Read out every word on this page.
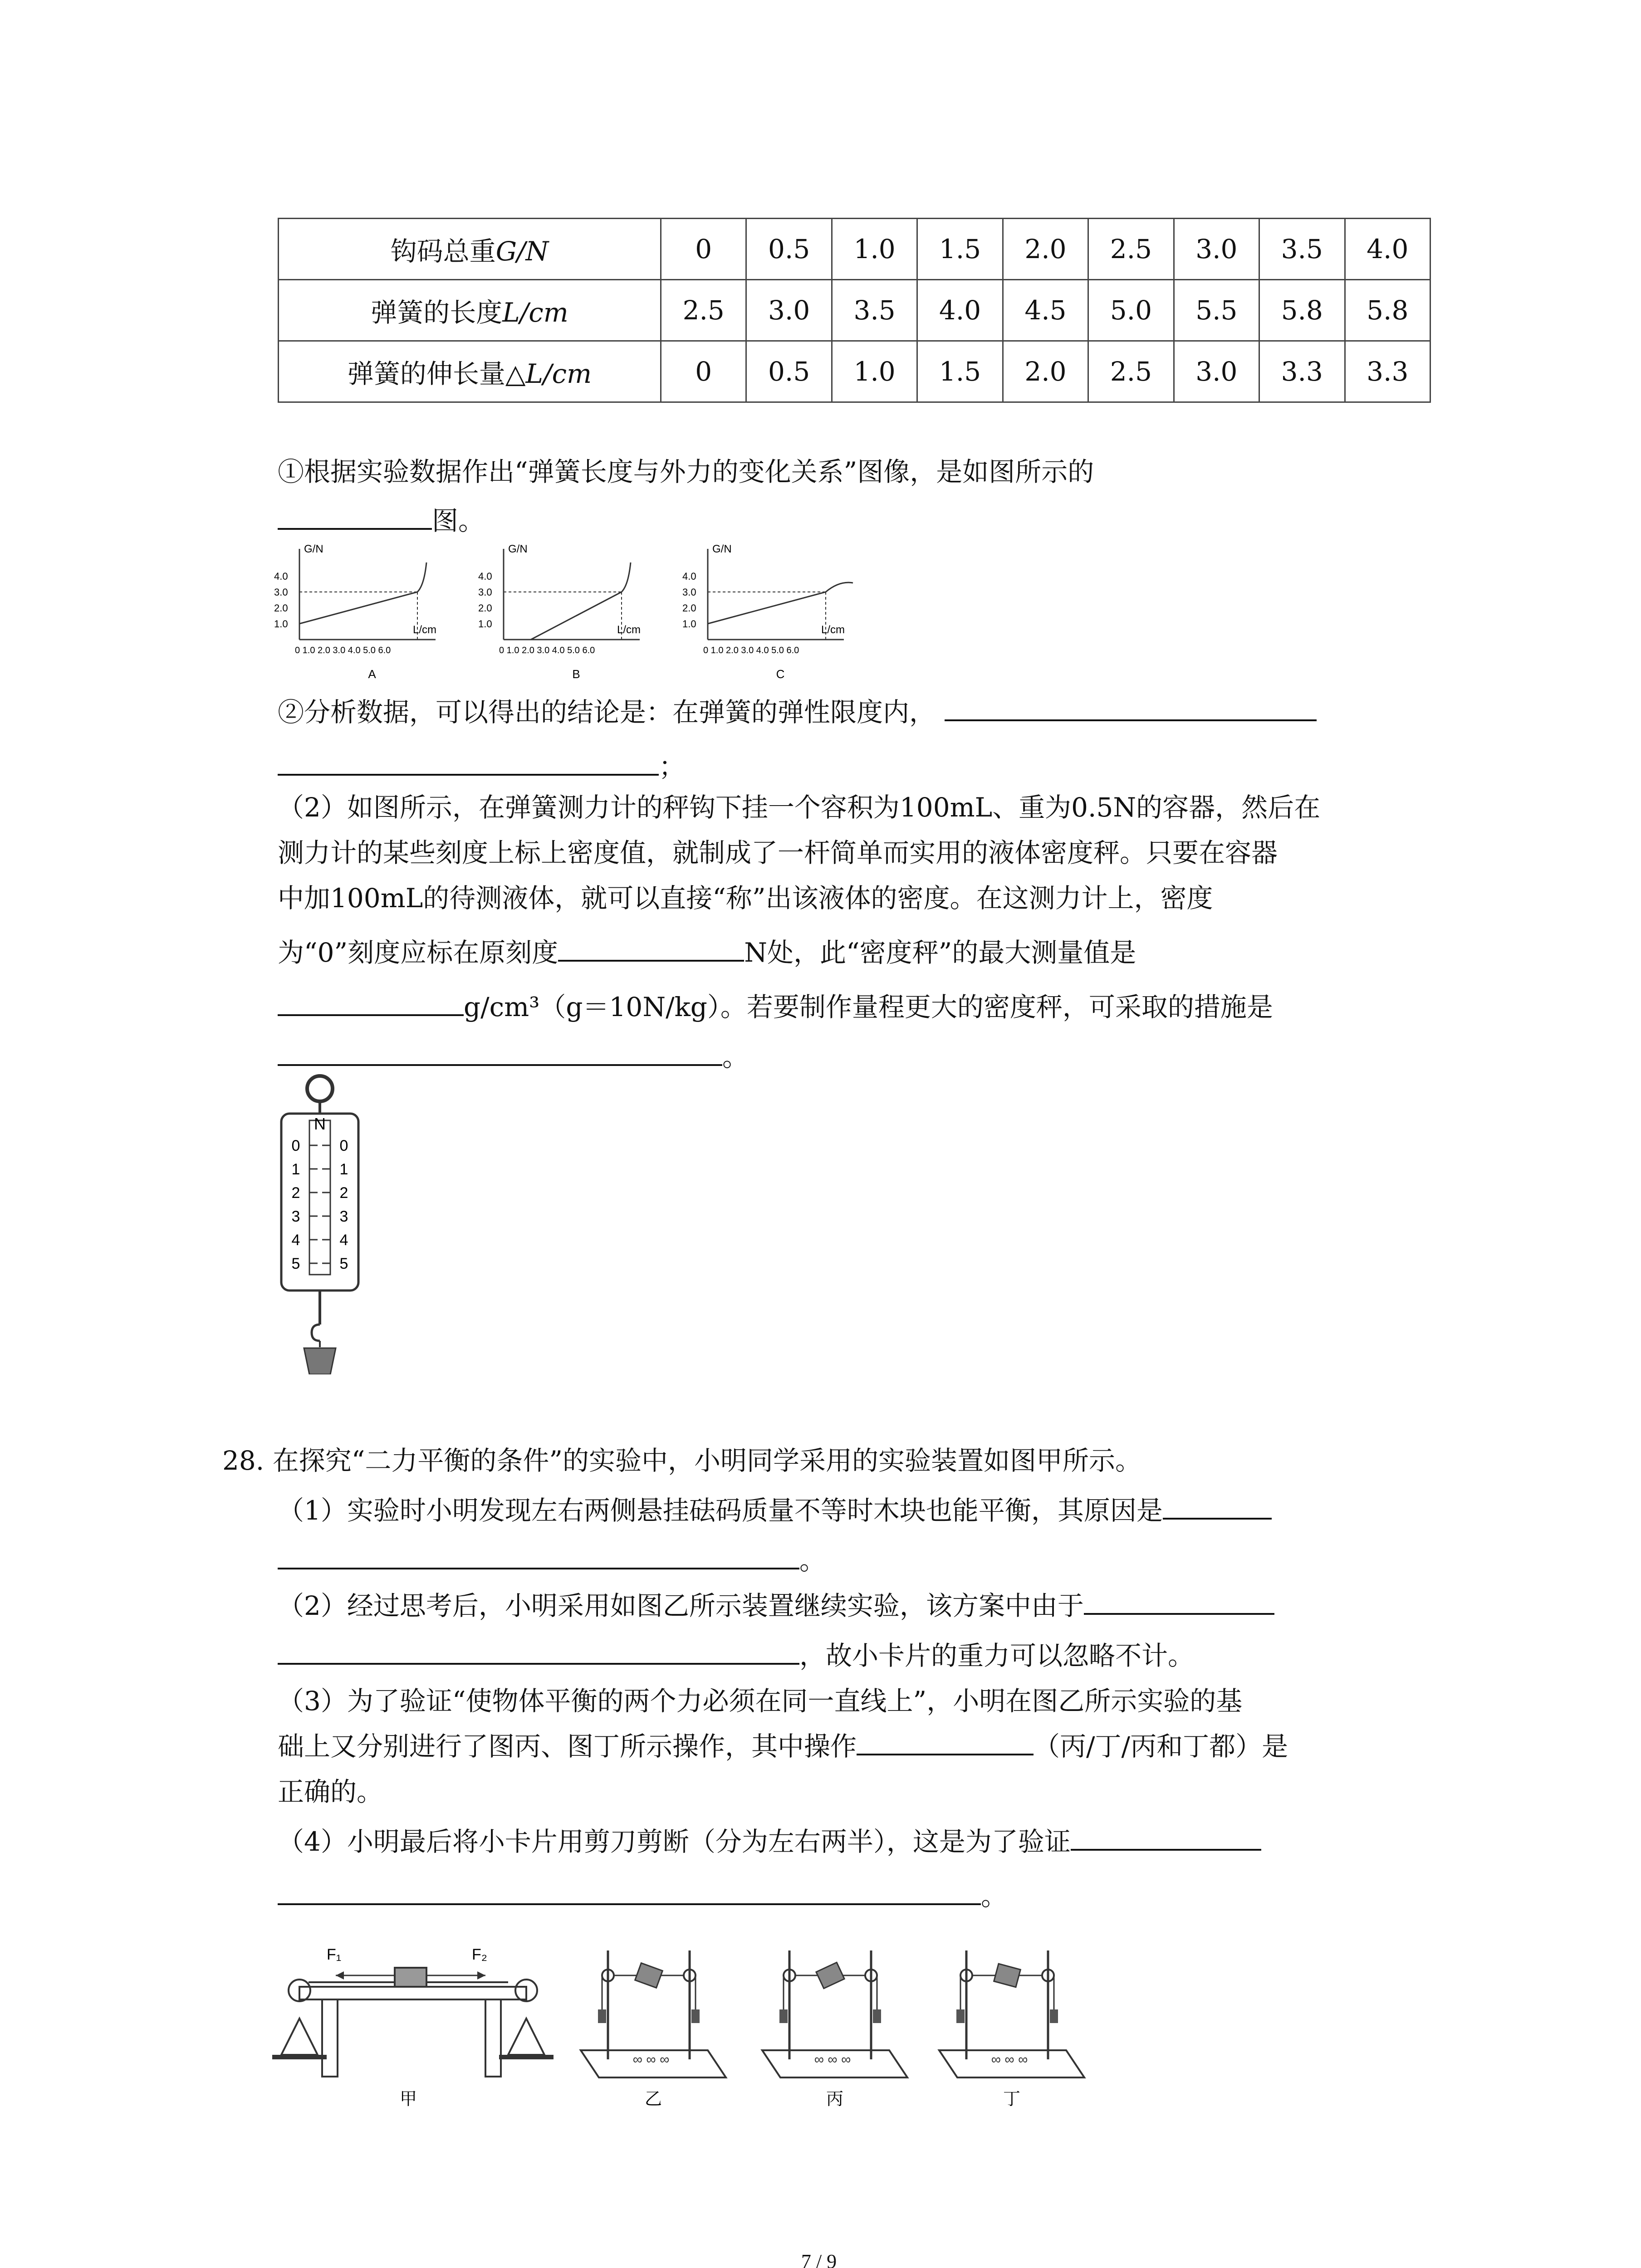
钩码总重G/N	0	0.5	1.0	1.5	2.0	2.5	3.0	3.5	4.0
弹簧的长度L/cm	2.5	3.0	3.5	4.0	4.5	5.0	5.5	5.8	5.8
弹簧的伸长量△L/cm	0	0.5	1.0	1.5	2.0	2.5	3.0	3.3	3.3
①根据实验数据作出“弹簧长度与外力的变化关系”图像，是如图所示的
图。
G/N
L/cm
1.0
2.0
3.0
4.0
0 1.0 2.0 3.0 4.0 5.0 6.0
A
G/N
L/cm
1.0
2.0
3.0
4.0
0 1.0 2.0 3.0 4.0 5.0 6.0
B
G/N
L/cm
1.0
2.0
3.0
4.0
0 1.0 2.0 3.0 4.0 5.0 6.0
C
②分析数据，可以得出的结论是：在弹簧的弹性限度内，
；
（2）如图所示，在弹簧测力计的秤钩下挂一个容积为100mL、重为0.5N的容器，然后在
测力计的某些刻度上标上密度值，就制成了一杆简单而实用的液体密度秤。只要在容器
中加100mL的待测液体，就可以直接“称”出该液体的密度。在这测力计上，密度
为“0”刻度应标在原刻度	N处，此“密度秤”的最大测量值是
g/cm³（g＝10N/kg）。若要制作量程更大的密度秤，可采取的措施是
。
N
0	0
1	1
2	2
3	3
4	4
5	5
28. 在探究“二力平衡的条件”的实验中，小明同学采用的实验装置如图甲所示。
（1）实验时小明发现左右两侧悬挂砝码质量不等时木块也能平衡，其原因是
。
（2）经过思考后，小明采用如图乙所示装置继续实验，该方案中由于
，故小卡片的重力可以忽略不计。
（3）为了验证“使物体平衡的两个力必须在同一直线上”，小明在图乙所示实验的基
础上又分别进行了图丙、图丁所示操作，其中操作	（丙/丁/丙和丁都）是
正确的。
（4）小明最后将小卡片用剪刀剪断（分为左右两半），这是为了验证
。
F₁	F₂
甲
∞ ∞ ∞
乙
∞ ∞ ∞
丙
∞ ∞ ∞
丁
7 / 9
